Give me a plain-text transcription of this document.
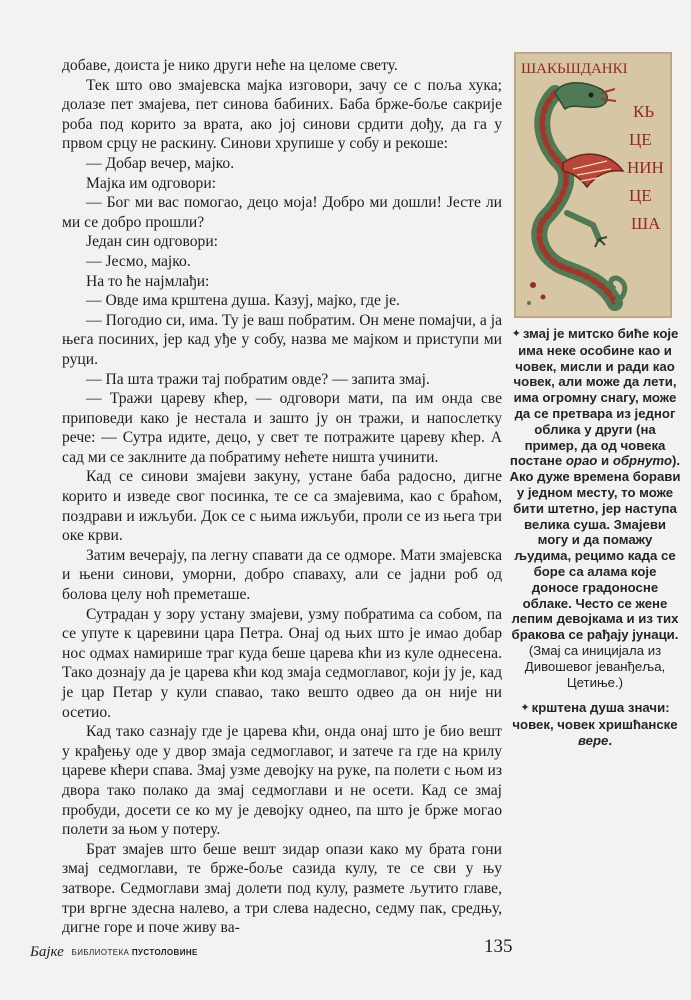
добаве, доиста је нико други неће на целоме свету.

Тек што ово змајевска мајка изговори, зачу се с поља хука; долазе пет змајева, пет синова бабиних. Баба брже-боље сакрије роба под корито за врата, ако јој синови срдити дођу, да га у првом срцу не раскину. Синови хрупише у собу и рекоше:

— Добар вечер, мајко.

Мајка им одговори:

— Бог ми вас помогао, децо моја! Добро ми дошли! Јесте ли ми се добро прошли?

Један син одговори:

— Јесмо, мајко.

На то ће најмлађи:

— Овде има крштена душа. Казуј, мајко, где је.

— Погодио си, има. Ту је ваш побратим. Он мене помајчи, а ја њега посиних, јер кад уђе у собу, назва ме мајком и приступи ми руци.

— Па шта тражи тај побратим овде? — запита змај.

— Тражи цареву кћер, — одговори мати, па им онда све приповеди како је нестала и зашто ју он тражи, и напослетку рече: — Сутра идите, децо, у свет те потражите цареву кћер. А сад ми се заклните да побратиму нећете ништа учинити.

Кад се синови змајеви закуну, устане баба радосно, дигне корито и изведе свог посинка, те се са змајевима, као с браћом, поздрави и ижљуби. Док се с њима ижљуби, проли се из њега три оке крви.

Затим вечерају, па легну спавати да се одморе. Мати змајевска и њени синови, уморни, добро спаваху, али се јадни роб од болова целу ноћ преметаше.

Сутрадан у зору устану змајеви, узму побратима са собом, па се упуте к царевини цара Петра. Онај од њих што је имао добар нос одмах намирише траг куда беше царева кћи из куле однесена. Тако дознају да је царева кћи код змаја седмоглавог, који ју је, кад је цар Петар у кули спавао, тако вешто одвео да он није ни осетио.

Кад тако сазнају где је царева кћи, онда онај што је био вешт у крађењу оде у двор змаја седмоглавог, и затече га где на крилу цареве кћери спава. Змај узме девојку на руке, па полети с њом из двора тако полако да змај седмоглави и не осети. Кад се змај пробуди, досети се ко му је девојку однео, па што је брже могао полети за њом у потеру.

Брат змајев што беше вешт зидар опази како му брата гони змај седмоглави, те брже-боље сазида кулу, те се сви у њу затворе. Седмоглави змај долети под кулу, размете љутито главе, три вргне здесна налево, а три слева надесно, седму пак, средњу, дигне горе и поче живу ва-

ШАКЬШДАНКІ
КЬ
ЦЕ
НИН
ЦЕ
ША

✦ змај је митско биће које има неке особине као и човек, мисли и ради као човек, али може да лети, има огромну снагу, може да се претвара из једног облика у други (на пример, да од човека постане орао и обрнуто). Ако дуже времена борави у једном месту, то може бити штетно, јер наступа велика суша. Змајеви могу и да помажу људима, рецимо када се боре са алама које доносе градоносне облаке. Често се жене лепим девојкама и из тих бракова се рађају јунаци.

(Змај са иницијала из Дивошевог јеванђеља, Цетиње.)

✦ крштена душа значи: човек, човек хришћанске вере.

Бајке БИБЛИОТЕКА ПУСТОЛОВИНЕ	135
